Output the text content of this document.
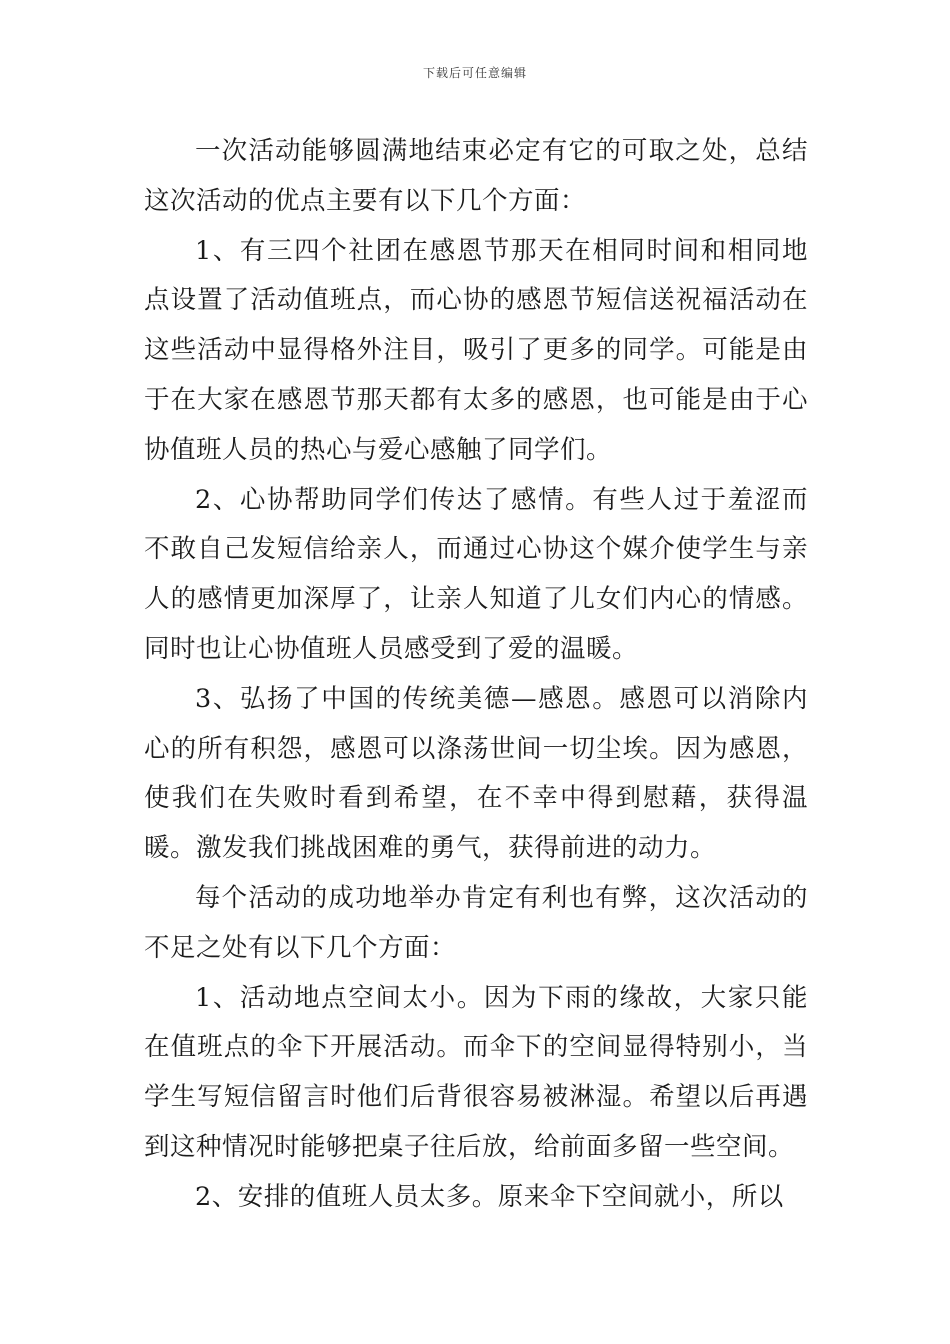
下载后可任意编辑

一次活动能够圆满地结束必定有它的可取之处，总结这次活动的优点主要有以下几个方面：

1、有三四个社团在感恩节那天在相同时间和相同地点设置了活动值班点，而心协的感恩节短信送祝福活动在这些活动中显得格外注目，吸引了更多的同学。可能是由于在大家在感恩节那天都有太多的感恩，也可能是由于心协值班人员的热心与爱心感触了同学们。

2、心协帮助同学们传达了感情。有些人过于羞涩而不敢自己发短信给亲人，而通过心协这个媒介使学生与亲人的感情更加深厚了，让亲人知道了儿女们内心的情感。同时也让心协值班人员感受到了爱的温暖。

3、弘扬了中国的传统美德—感恩。感恩可以消除内心的所有积怨，感恩可以涤荡世间一切尘埃。因为感恩，使我们在失败时看到希望，在不幸中得到慰藉，获得温暖。激发我们挑战困难的勇气，获得前进的动力。

每个活动的成功地举办肯定有利也有弊，这次活动的不足之处有以下几个方面：

1、活动地点空间太小。因为下雨的缘故，大家只能在值班点的伞下开展活动。而伞下的空间显得特别小，当学生写短信留言时他们后背很容易被淋湿。希望以后再遇到这种情况时能够把桌子往后放，给前面多留一些空间。

2、安排的值班人员太多。原来伞下空间就小，所以
